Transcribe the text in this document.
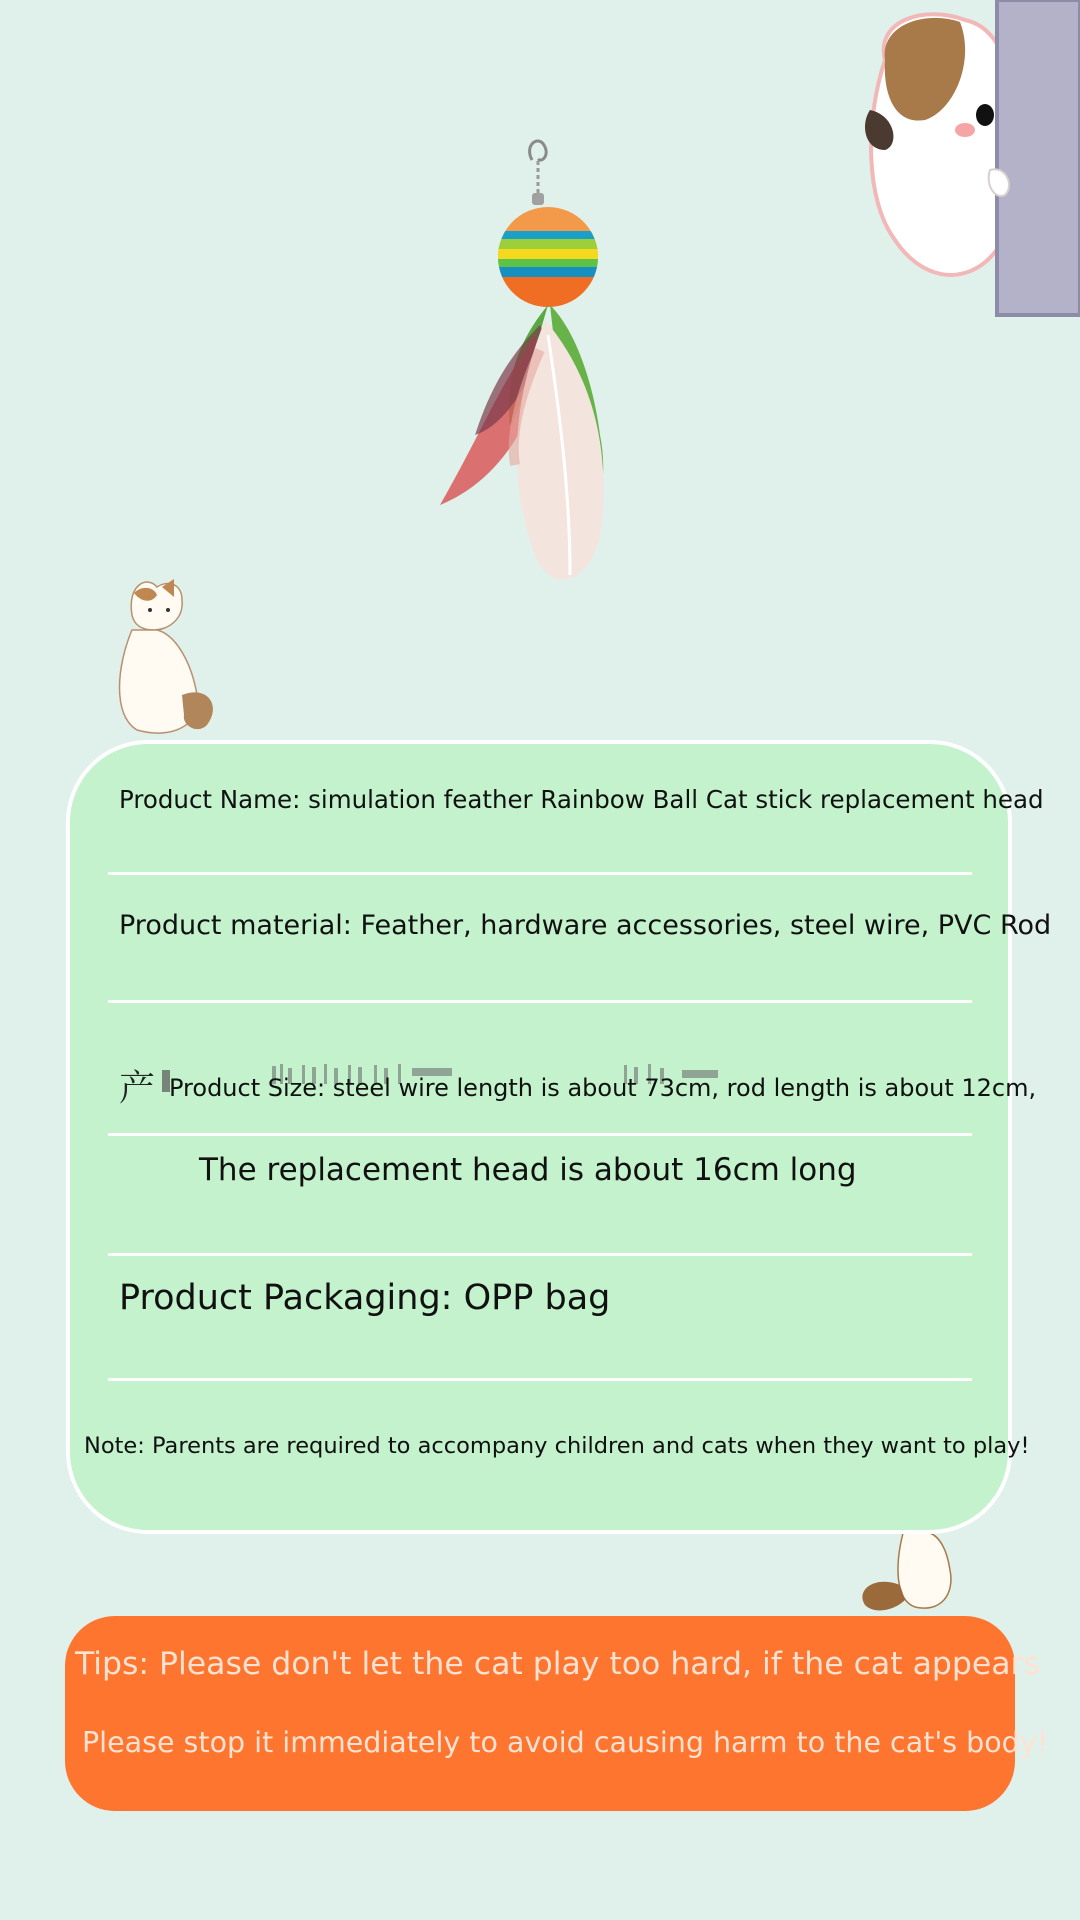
Product Name: simulation feather Rainbow Ball Cat stick replacement head
Product material: Feather, hardware accessories, steel wire, PVC Rod
产 Product Size: steel wire length is about 73cm, rod length is about 12cm,
The replacement head is about 16cm long
Product Packaging: OPP bag
Note: Parents are required to accompany children and cats when they want to play!
Tips: Please don't let the cat play too hard, if the cat appears
Please stop it immediately to avoid causing harm to the cat's body!
